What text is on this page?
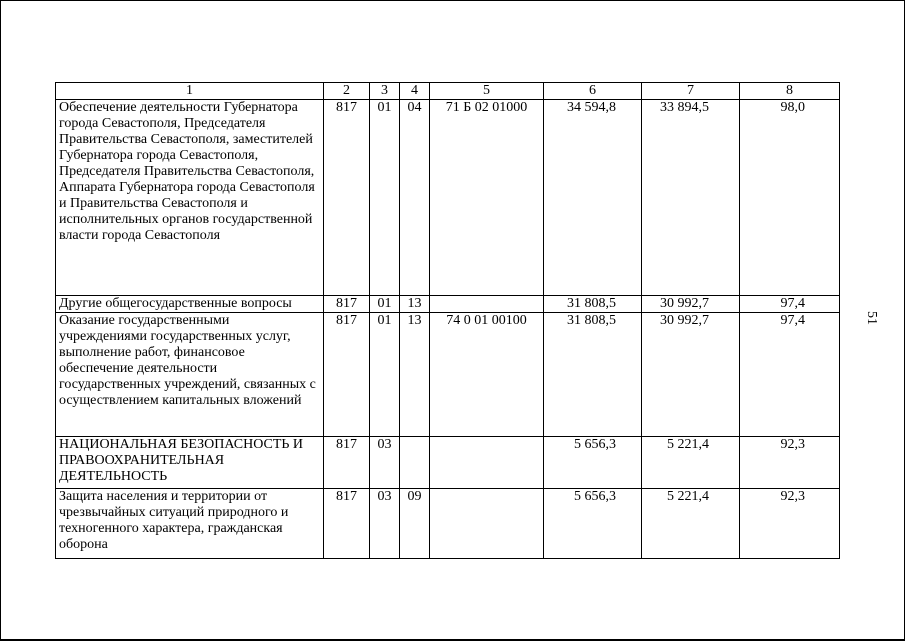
1	2	3	4	5	6	7	8
Обеспечение деятельности Губернатора города Севастополя, Председателя Правительства Севастополя, заместителей Губернатора города Севастополя, Председателя Правительства Севастополя, Аппарата Губернатора города Севастополя и Правительства Севастополя и исполнительных органов государственной власти города Севастополя	817	01	04	71 Б 02 01000	34 594,8	33 894,5	98,0
Другие общегосударственные вопросы	817	01	13		31 808,5	30 992,7	97,4
Оказание государственными учреждениями государственных услуг, выполнение работ, финансовое обеспечение деятельности государственных учреждений, связанных с осуществлением капитальных вложений	817	01	13	74 0 01 00100	31 808,5	30 992,7	97,4
НАЦИОНАЛЬНАЯ БЕЗОПАСНОСТЬ И ПРАВООХРАНИТЕЛЬНАЯ ДЕЯТЕЛЬНОСТЬ	817	03			5 656,3	5 221,4	92,3
Защита населения и территории от чрезвычайных ситуаций природного и техногенного характера, гражданская оборона	817	03	09		5 656,3	5 221,4	92,3
51
